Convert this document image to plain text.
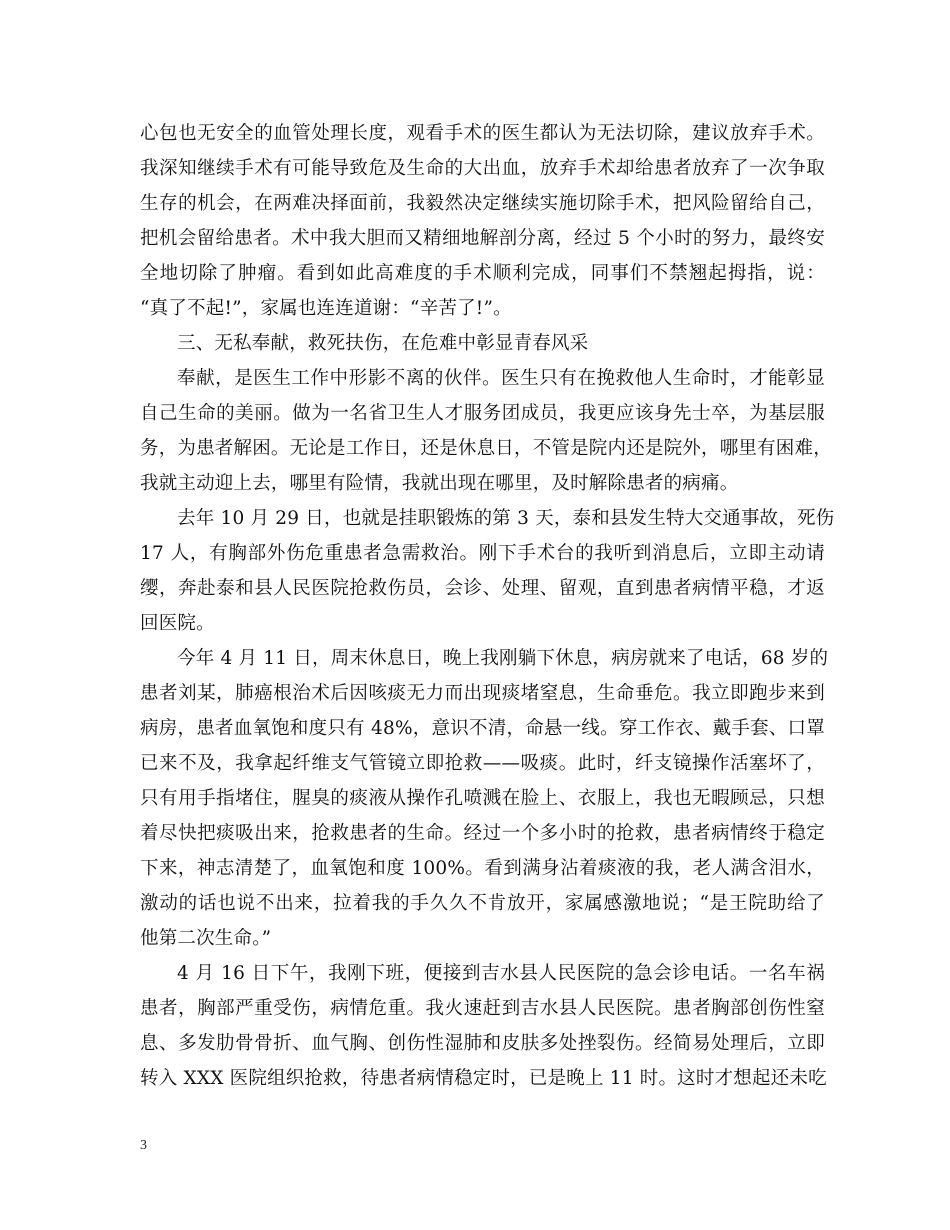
心包也无安全的血管处理长度，观看手术的医生都认为无法切除，建议放弃手术。
我深知继续手术有可能导致危及生命的大出血，放弃手术却给患者放弃了一次争取
生存的机会，在两难决择面前，我毅然决定继续实施切除手术，把风险留给自己，
把机会留给患者。术中我大胆而又精细地解剖分离，经过 5 个小时的努力，最终安
全地切除了肿瘤。看到如此高难度的手术顺利完成，同事们不禁翘起拇指，说：
“真了不起!”，家属也连连道谢：“辛苦了!”。
三、无私奉献，救死扶伤，在危难中彰显青春风采
奉献，是医生工作中形影不离的伙伴。医生只有在挽救他人生命时，才能彰显
自己生命的美丽。做为一名省卫生人才服务团成员，我更应该身先士卒，为基层服
务，为患者解困。无论是工作日，还是休息日，不管是院内还是院外，哪里有困难，
我就主动迎上去，哪里有险情，我就出现在哪里，及时解除患者的病痛。
去年 10 月 29 日，也就是挂职锻炼的第 3 天，泰和县发生特大交通事故，死伤
17 人，有胸部外伤危重患者急需救治。刚下手术台的我听到消息后，立即主动请
缨，奔赴泰和县人民医院抢救伤员，会诊、处理、留观，直到患者病情平稳，才返
回医院。
今年 4 月 11 日，周末休息日，晚上我刚躺下休息，病房就来了电话，68 岁的
患者刘某，肺癌根治术后因咳痰无力而出现痰堵窒息，生命垂危。我立即跑步来到
病房，患者血氧饱和度只有 48%，意识不清，命悬一线。穿工作衣、戴手套、口罩
已来不及，我拿起纤维支气管镜立即抢救——吸痰。此时，纤支镜操作活塞坏了，
只有用手指堵住，腥臭的痰液从操作孔喷溅在脸上、衣服上，我也无暇顾忌，只想
着尽快把痰吸出来，抢救患者的生命。经过一个多小时的抢救，患者病情终于稳定
下来，神志清楚了，血氧饱和度 100%。看到满身沾着痰液的我，老人满含泪水，
激动的话也说不出来，拉着我的手久久不肯放开，家属感激地说；“是王院助给了
他第二次生命。”
4 月 16 日下午，我刚下班，便接到吉水县人民医院的急会诊电话。一名车祸
患者，胸部严重受伤，病情危重。我火速赶到吉水县人民医院。患者胸部创伤性窒
息、多发肋骨骨折、血气胸、创伤性湿肺和皮肤多处挫裂伤。经简易处理后，立即
转入 XXX 医院组织抢救，待患者病情稳定时，已是晚上 11 时。这时才想起还未吃
3
